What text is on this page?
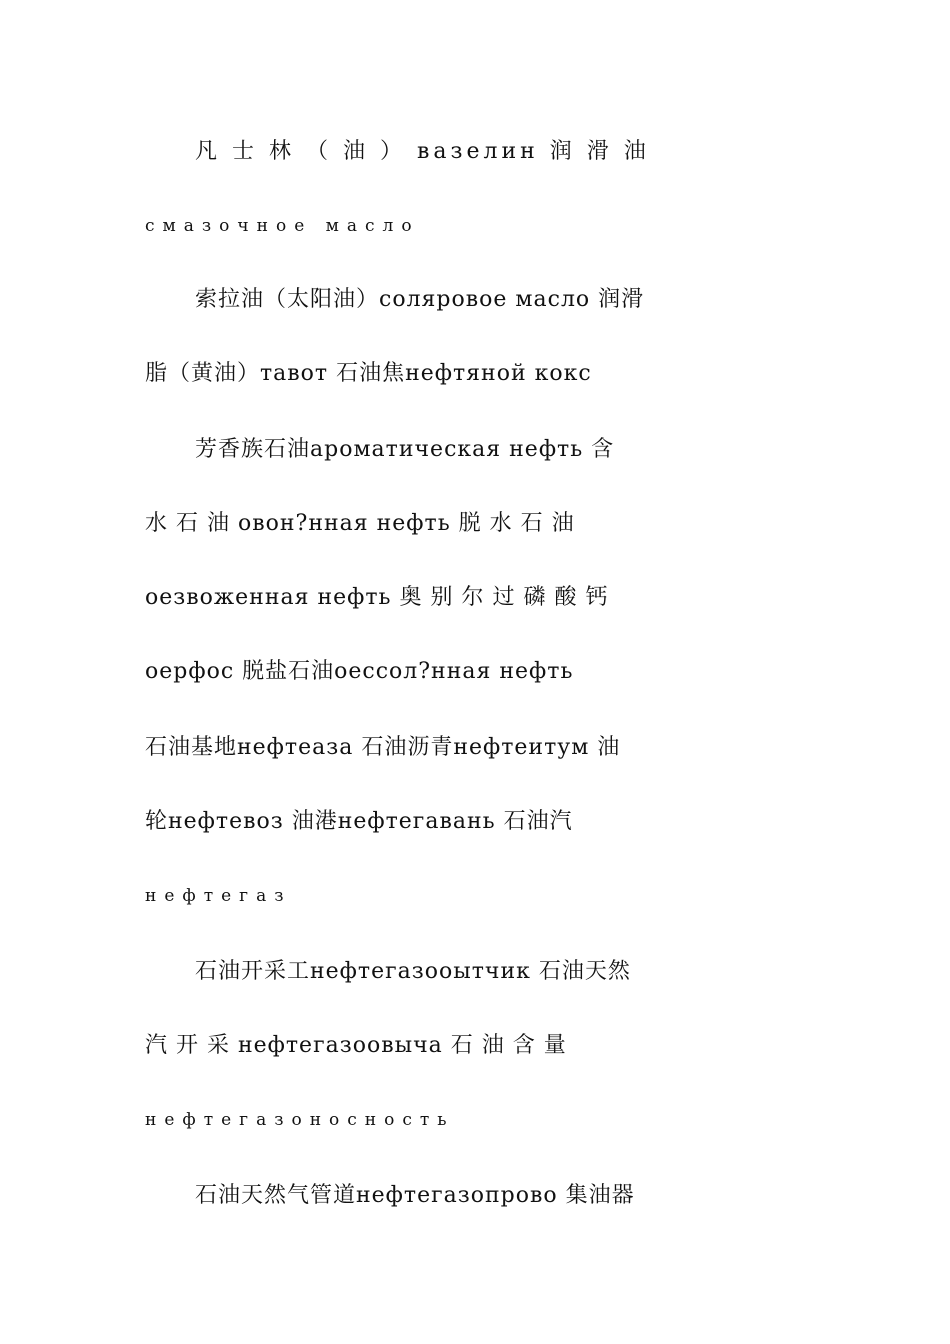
凡 士 林 （ 油 ） вазелин 润 滑 油
смазочное масло
索拉油（太阳油）соляровое масло 润滑
脂（黄油）тавот 石油焦нефтяной кокс
芳香族石油ароматическая нефть 含
水 石 油 овон?нная нефть 脱 水 石 油
оезвоженная нефть 奥 别 尔 过 磷 酸 钙
оерфос 脱盐石油оессол?нная нефть
石油基地нефтеаза 石油沥青нефтеитум 油
轮нефтевоз 油港нефтегавань 石油汽
нефтегаз
石油开采工нефтегазооытчик 石油天然
汽 开 采 нефтегазоовыча 石 油 含 量
нефтегазоносность
石油天然气管道нефтегазопрово 集油器
